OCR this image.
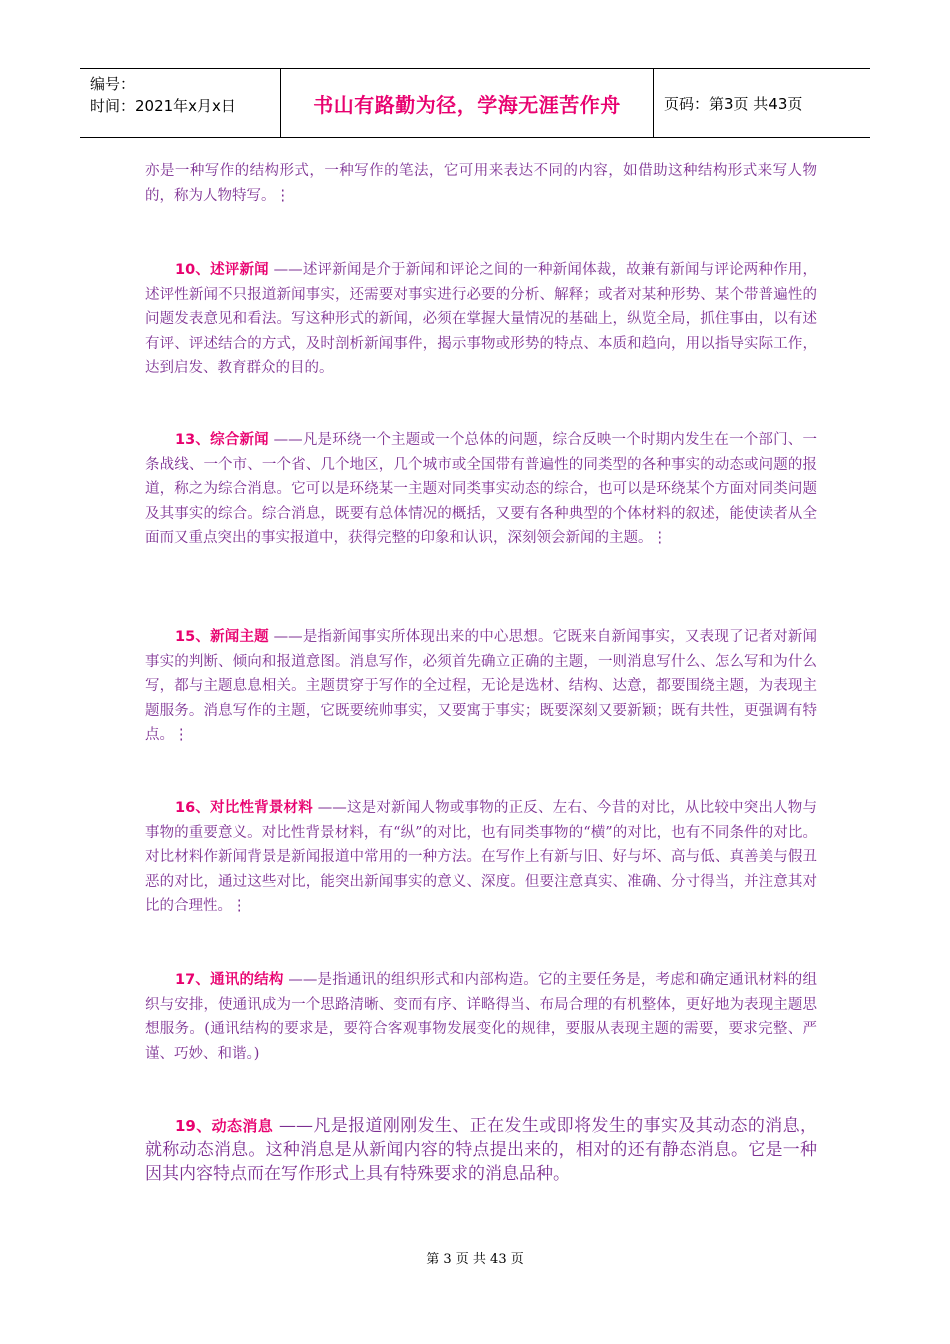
编号：
时间：2021年x月x日	书山有路勤为径，学海无涯苦作舟	页码：第3页 共43页
亦是一种写作的结构形式，一种写作的笔法，它可用来表达不同的内容，如借助这种结构形式来写人物的，称为人物特写。⋮
10、述评新闻 ——述评新闻是介于新闻和评论之间的一种新闻体裁，故兼有新闻与评论两种作用，述评性新闻不只报道新闻事实，还需要对事实进行必要的分析、解释；或者对某种形势、某个带普遍性的问题发表意见和看法。写这种形式的新闻，必须在掌握大量情况的基础上，纵览全局，抓住事由，以有述有评、评述结合的方式，及时剖析新闻事件，揭示事物或形势的特点、本质和趋向，用以指导实际工作，达到启发、教育群众的目的。
13、综合新闻 ——凡是环绕一个主题或一个总体的问题，综合反映一个时期内发生在一个部门、一条战线、一个市、一个省、几个地区，几个城市或全国带有普遍性的同类型的各种事实的动态或问题的报道，称之为综合消息。它可以是环绕某一主题对同类事实动态的综合，也可以是环绕某个方面对同类问题及其事实的综合。综合消息，既要有总体情况的概括，又要有各种典型的个体材料的叙述，能使读者从全面而又重点突出的事实报道中，获得完整的印象和认识，深刻领会新闻的主题。⋮
15、新闻主题 ——是指新闻事实所体现出来的中心思想。它既来自新闻事实，又表现了记者对新闻事实的判断、倾向和报道意图。消息写作，必须首先确立正确的主题，一则消息写什么、怎么写和为什么写，都与主题息息相关。主题贯穿于写作的全过程，无论是选材、结构、达意，都要围绕主题，为表现主题服务。消息写作的主题，它既要统帅事实，又要寓于事实；既要深刻又要新颖；既有共性，更强调有特点。⋮
16、对比性背景材料 ——这是对新闻人物或事物的正反、左右、今昔的对比，从比较中突出人物与事物的重要意义。对比性背景材料，有“纵”的对比，也有同类事物的“横”的对比，也有不同条件的对比。对比材料作新闻背景是新闻报道中常用的一种方法。在写作上有新与旧、好与坏、高与低、真善美与假丑恶的对比，通过这些对比，能突出新闻事实的意义、深度。但要注意真实、准确、分寸得当，并注意其对比的合理性。⋮
17、通讯的结构 ——是指通讯的组织形式和内部构造。它的主要任务是，考虑和确定通讯材料的组织与安排，使通讯成为一个思路清晰、变而有序、详略得当、布局合理的有机整体，更好地为表现主题思想服务。(通讯结构的要求是，要符合客观事物发展变化的规律，要服从表现主题的需要，要求完整、严谨、巧妙、和谐。)
19、动态消息 ——凡是报道刚刚发生、正在发生或即将发生的事实及其动态的消息，就称动态消息。这种消息是从新闻内容的特点提出来的，相对的还有静态消息。它是一种因其内容特点而在写作形式上具有特殊要求的消息品种。
第 3 页 共 43 页
